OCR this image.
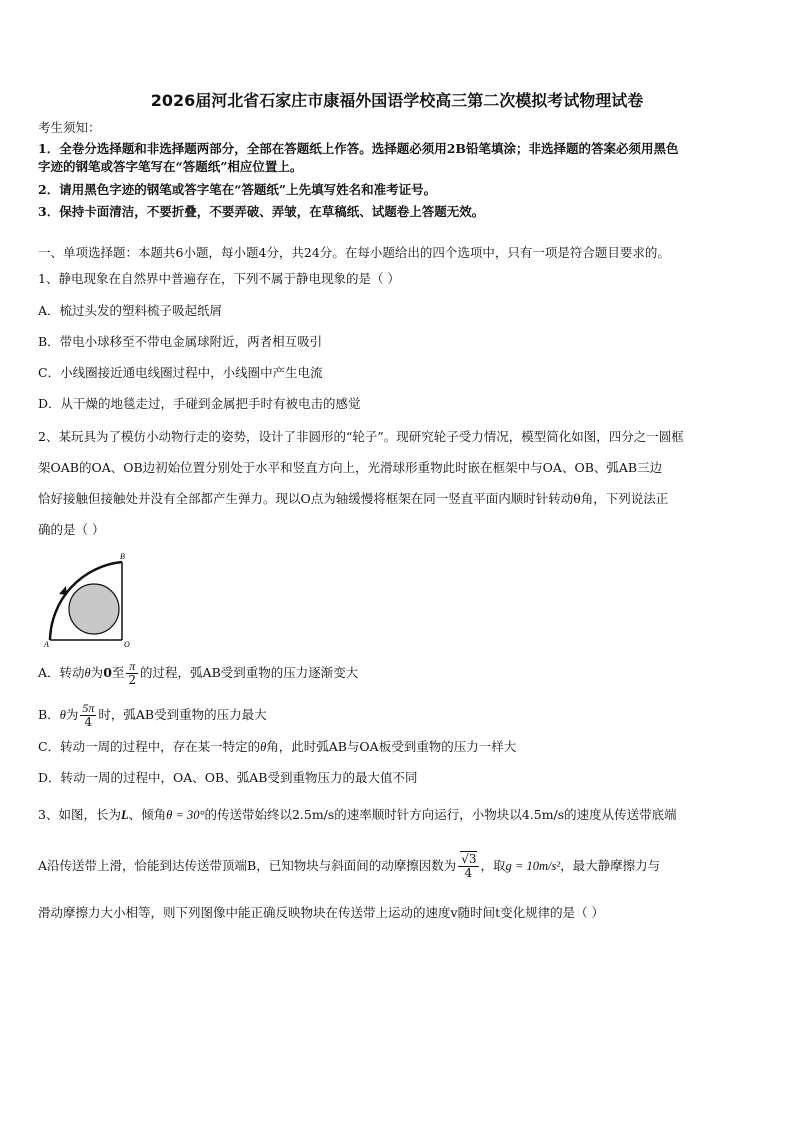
2026届河北省石家庄市康福外国语学校高三第二次模拟考试物理试卷
考生须知：
1．全卷分选择题和非选择题两部分，全部在答题纸上作答。选择题必须用2B铅笔填涂；非选择题的答案必须用黑色
字迹的钢笔或答字笔写在“答题纸”相应位置上。
2．请用黑色字迹的钢笔或答字笔在“答题纸”上先填写姓名和准考证号。
3．保持卡面清洁，不要折叠，不要弄破、弄皱，在草稿纸、试题卷上答题无效。
一、单项选择题：本题共6小题，每小题4分，共24分。在每小题给出的四个选项中，只有一项是符合题目要求的。
1、静电现象在自然界中普遍存在，下列不属于静电现象的是（ ）
A．梳过头发的塑料梳子吸起纸屑
B．带电小球移至不带电金属球附近，两者相互吸引
C．小线圈接近通电线圈过程中，小线圈中产生电流
D．从干燥的地毯走过，手碰到金属把手时有被电击的感觉
2、某玩具为了模仿小动物行走的姿势，设计了非圆形的“轮子”。现研究轮子受力情况，模型简化如图，四分之一圆框
架OAB的OA、OB边初始位置分别处于水平和竖直方向上，光滑球形重物此时嵌在框架中与OA、OB、弧AB三边
恰好接触但接触处并没有全部都产生弹力。现以O点为轴缓慢将框架在同一竖直平面内顺时针转动θ角，下列说法正
确的是（ ）
A
B
O
A．转动θ为0至 $\frac{\pi}{2}$ 的过程，弧AB受到重物的压力逐渐变大
B．θ为 $\frac{5\pi}{4}$ 时，弧AB受到重物的压力最大
C．转动一周的过程中，存在某一特定的θ角，此时弧AB与OA板受到重物的压力一样大
D．转动一周的过程中，OA、OB、弧AB受到重物压力的最大值不同
3、如图，长为L、倾角θ = 30°的传送带始终以2.5m/s的速率顺时针方向运行，小物块以4.5m/s的速度从传送带底端
A沿传送带上滑，恰能到达传送带顶端B，已知物块与斜面间的动摩擦因数为 $\frac{√3}{4}$ ，取g = 10m/s²，最大静摩擦力与
滑动摩擦力大小相等，则下列图像中能正确反映物块在传送带上运动的速度v随时间t变化规律的是（ ）
